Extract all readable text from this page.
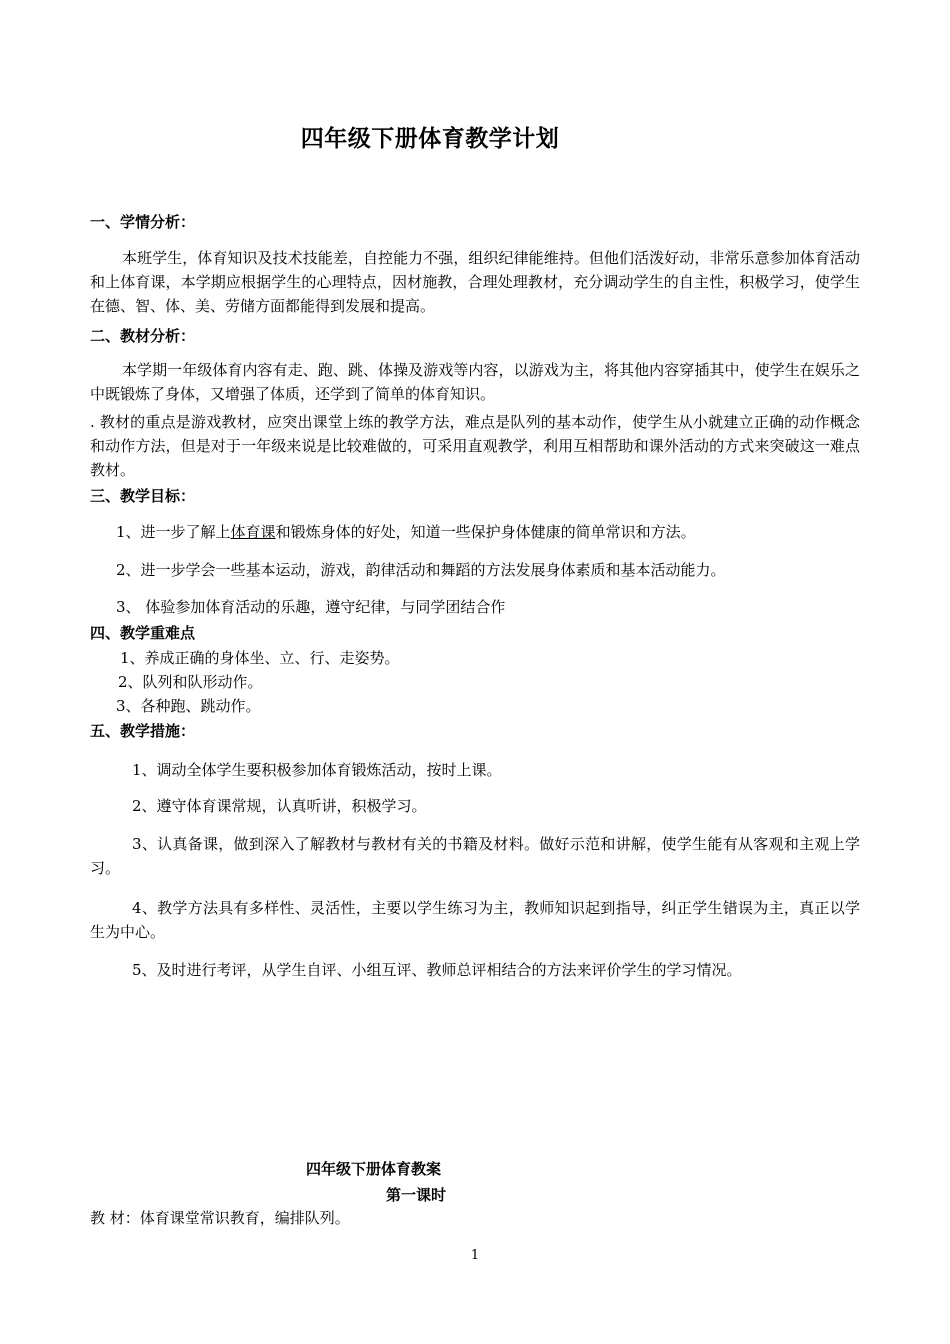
四年级下册体育教学计划
一、学情分析：
本班学生，体育知识及技术技能差，自控能力不强，组织纪律能维持。但他们活泼好动，非常乐意参加体育活动和上体育课，本学期应根据学生的心理特点，因材施教，合理处理教材，充分调动学生的自主性，积极学习，使学生在德、智、体、美、劳储方面都能得到发展和提高。
二、教材分析：
本学期一年级体育内容有走、跑、跳、体操及游戏等内容，以游戏为主，将其他内容穿插其中，使学生在娱乐之中既锻炼了身体，又增强了体质，还学到了简单的体育知识。
. 教材的重点是游戏教材，应突出课堂上练的教学方法，难点是队列的基本动作，使学生从小就建立正确的动作概念和动作方法，但是对于一年级来说是比较难做的，可采用直观教学，利用互相帮助和课外活动的方式来突破这一难点教材。
三、教学目标：
1、进一步了解上体育课和锻炼身体的好处，知道一些保护身体健康的简单常识和方法。
2、进一步学会一些基本运动，游戏，韵律活动和舞蹈的方法发展身体素质和基本活动能力。
3、 体验参加体育活动的乐趣，遵守纪律，与同学团结合作
四、教学重难点
1、养成正确的身体坐、立、行、走姿势。
2、队列和队形动作。
3、各种跑、跳动作。
五、教学措施：
1、调动全体学生要积极参加体育锻炼活动，按时上课。
2、遵守体育课常规，认真听讲，积极学习。
3、认真备课，做到深入了解教材与教材有关的书籍及材料。做好示范和讲解，使学生能有从客观和主观上学习。
4、教学方法具有多样性、灵活性，主要以学生练习为主，教师知识起到指导，纠正学生错误为主，真正以学生为中心。
5、及时进行考评，从学生自评、小组互评、教师总评相结合的方法来评价学生的学习情况。
四年级下册体育教案
第一课时
教 材：体育课堂常识教育，编排队列。
1
